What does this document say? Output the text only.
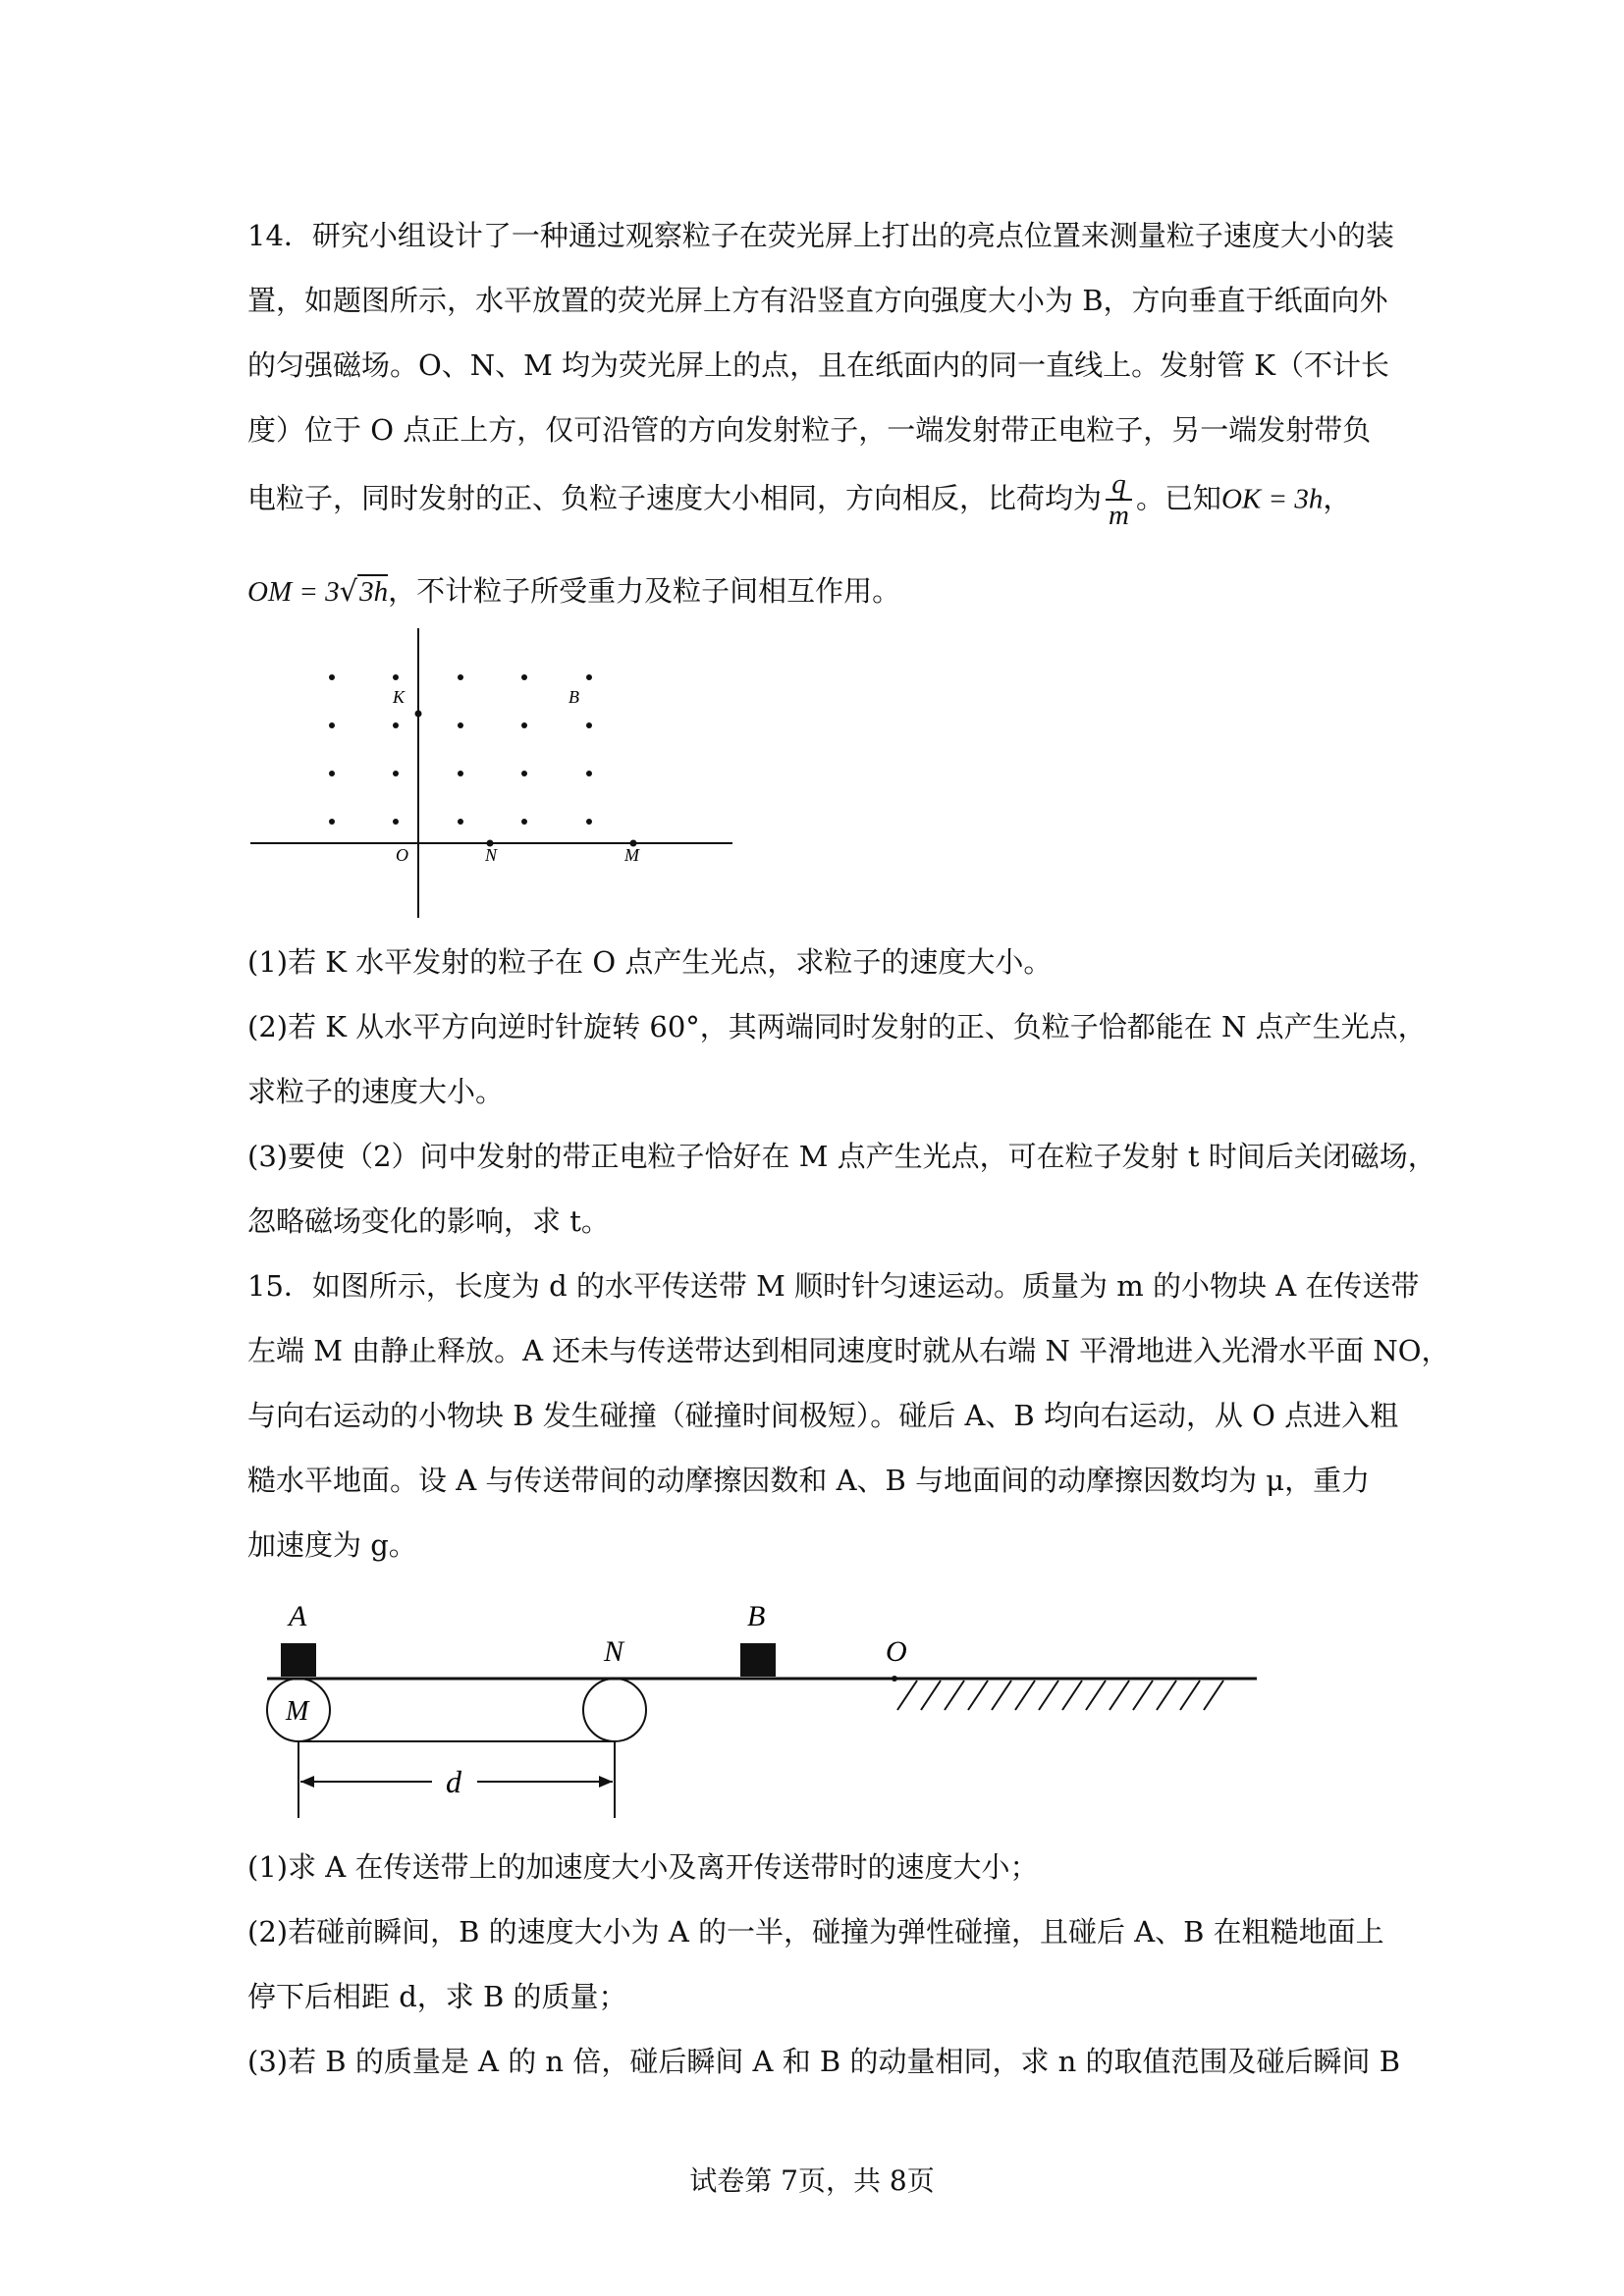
14．研究小组设计了一种通过观察粒子在荧光屏上打出的亮点位置来测量粒子速度大小的装
置，如题图所示，水平放置的荧光屏上方有沿竖直方向强度大小为 B，方向垂直于纸面向外
的匀强磁场。O、N、M 均为荧光屏上的点，且在纸面内的同一直线上。发射管 K（不计长
度）位于 O 点正上方，仅可沿管的方向发射粒子，一端发射带正电粒子，另一端发射带负
电粒子，同时发射的正、负粒子速度大小相同，方向相反，比荷均为 $\frac{q}{m}$ 。已知OK = 3h，
OM = 3√3h，不计粒子所受重力及粒子间相互作用。
K	B
O	N	M
(1)若 K 水平发射的粒子在 O 点产生光点，求粒子的速度大小。
(2)若 K 从水平方向逆时针旋转 60°，其两端同时发射的正、负粒子恰都能在 N 点产生光点，
求粒子的速度大小。
(3)要使（2）问中发射的带正电粒子恰好在 M 点产生光点，可在粒子发射 t 时间后关闭磁场，
忽略磁场变化的影响，求 t。
15．如图所示，长度为 d 的水平传送带 M 顺时针匀速运动。质量为 m 的小物块 A 在传送带
左端 M 由静止释放。A 还未与传送带达到相同速度时就从右端 N 平滑地进入光滑水平面 NO，
与向右运动的小物块 B 发生碰撞（碰撞时间极短）。碰后 A、B 均向右运动，从 O 点进入粗
糙水平地面。设 A 与传送带间的动摩擦因数和 A、B 与地面间的动摩擦因数均为 μ，重力
加速度为 g。
A	B
N	O
M
d
(1)求 A 在传送带上的加速度大小及离开传送带时的速度大小；
(2)若碰前瞬间，B 的速度大小为 A 的一半，碰撞为弹性碰撞，且碰后 A、B 在粗糙地面上
停下后相距 d，求 B 的质量；
(3)若 B 的质量是 A 的 n 倍，碰后瞬间 A 和 B 的动量相同，求 n 的取值范围及碰后瞬间 B
试卷第 7页，共 8页
